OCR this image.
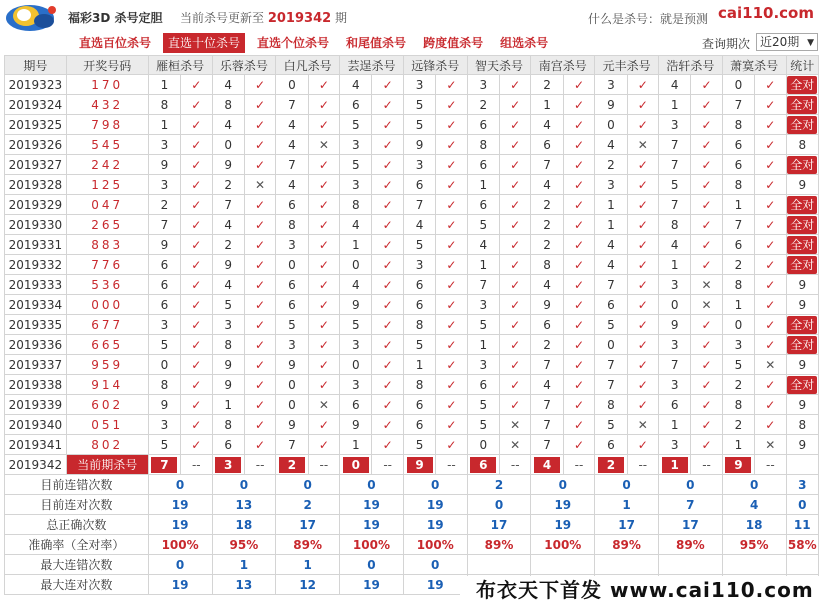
福彩3D 杀号定胆 当前杀号更新至 2019342 期	什么是杀号：就是预测 cai110.com
直选百位杀号	直选十位杀号	直选个位杀号	和尾值杀号	跨度值杀号	组选杀号	查询期次 近20期 ▼
期号	开奖号码	雁桓杀号		乐蓉杀号		白凡杀号		芸逞杀号		远锋杀号		智天杀号		南宫杀号		元丰杀号		浩轩杀号		萧寞杀号		统计
2019323	170	1	✓	4	✓	0	✓	4	✓	3	✓	3	✓	2	✓	3	✓	4	✓	0	✓	全对
2019324	432	8	✓	8	✓	7	✓	6	✓	5	✓	2	✓	1	✓	9	✓	1	✓	7	✓	全对
2019325	798	1	✓	4	✓	4	✓	5	✓	5	✓	6	✓	4	✓	0	✓	3	✓	8	✓	全对
2019326	545	3	✓	0	✓	4	✕	3	✓	9	✓	8	✓	6	✓	4	✕	7	✓	6	✓	8
2019327	242	9	✓	9	✓	7	✓	5	✓	3	✓	6	✓	7	✓	2	✓	7	✓	6	✓	全对
2019328	125	3	✓	2	✕	4	✓	3	✓	6	✓	1	✓	4	✓	3	✓	5	✓	8	✓	9
2019329	047	2	✓	7	✓	6	✓	8	✓	7	✓	6	✓	2	✓	1	✓	7	✓	1	✓	全对
2019330	265	7	✓	4	✓	8	✓	4	✓	4	✓	5	✓	2	✓	1	✓	8	✓	7	✓	全对
2019331	883	9	✓	2	✓	3	✓	1	✓	5	✓	4	✓	2	✓	4	✓	4	✓	6	✓	全对
2019332	776	6	✓	9	✓	0	✓	0	✓	3	✓	1	✓	8	✓	4	✓	1	✓	2	✓	全对
2019333	536	6	✓	4	✓	6	✓	4	✓	6	✓	7	✓	4	✓	7	✓	3	✕	8	✓	9
2019334	000	6	✓	5	✓	6	✓	9	✓	6	✓	3	✓	9	✓	6	✓	0	✕	1	✓	9
2019335	677	3	✓	3	✓	5	✓	5	✓	8	✓	5	✓	6	✓	5	✓	9	✓	0	✓	全对
2019336	665	5	✓	8	✓	3	✓	3	✓	5	✓	1	✓	2	✓	0	✓	3	✓	3	✓	全对
2019337	959	0	✓	9	✓	9	✓	0	✓	1	✓	3	✓	7	✓	7	✓	7	✓	5	✕	9
2019338	914	8	✓	9	✓	0	✓	3	✓	8	✓	6	✓	4	✓	7	✓	3	✓	2	✓	全对
2019339	602	9	✓	1	✓	0	✕	6	✓	6	✓	5	✓	7	✓	8	✓	6	✓	8	✓	9
2019340	051	3	✓	8	✓	9	✓	9	✓	6	✓	5	✕	7	✓	5	✕	1	✓	2	✓	8
2019341	802	5	✓	6	✓	7	✓	1	✓	5	✓	0	✕	7	✓	6	✓	3	✓	1	✕	9
2019342	当前期杀号	7	--	3	--	2	--	0	--	9	--	6	--	4	--	2	--	1	--	9	--	
目前连错次数		0		0		0		0		0		2		0		0		0		0		3
目前连对次数		19		13		2		19		19		0		19		1		7		4		0
总正确次数		19		18		17		19		19		17		19		17		17		18		11
准确率（全对率）		100%		95%		89%		100%		100%		89%		100%		89%		89%		95%		58%
最大连错次数		0		1		1		0		0												
最大连对次数		19		13		12		19		19													布衣天下首发 www.cai110.com
